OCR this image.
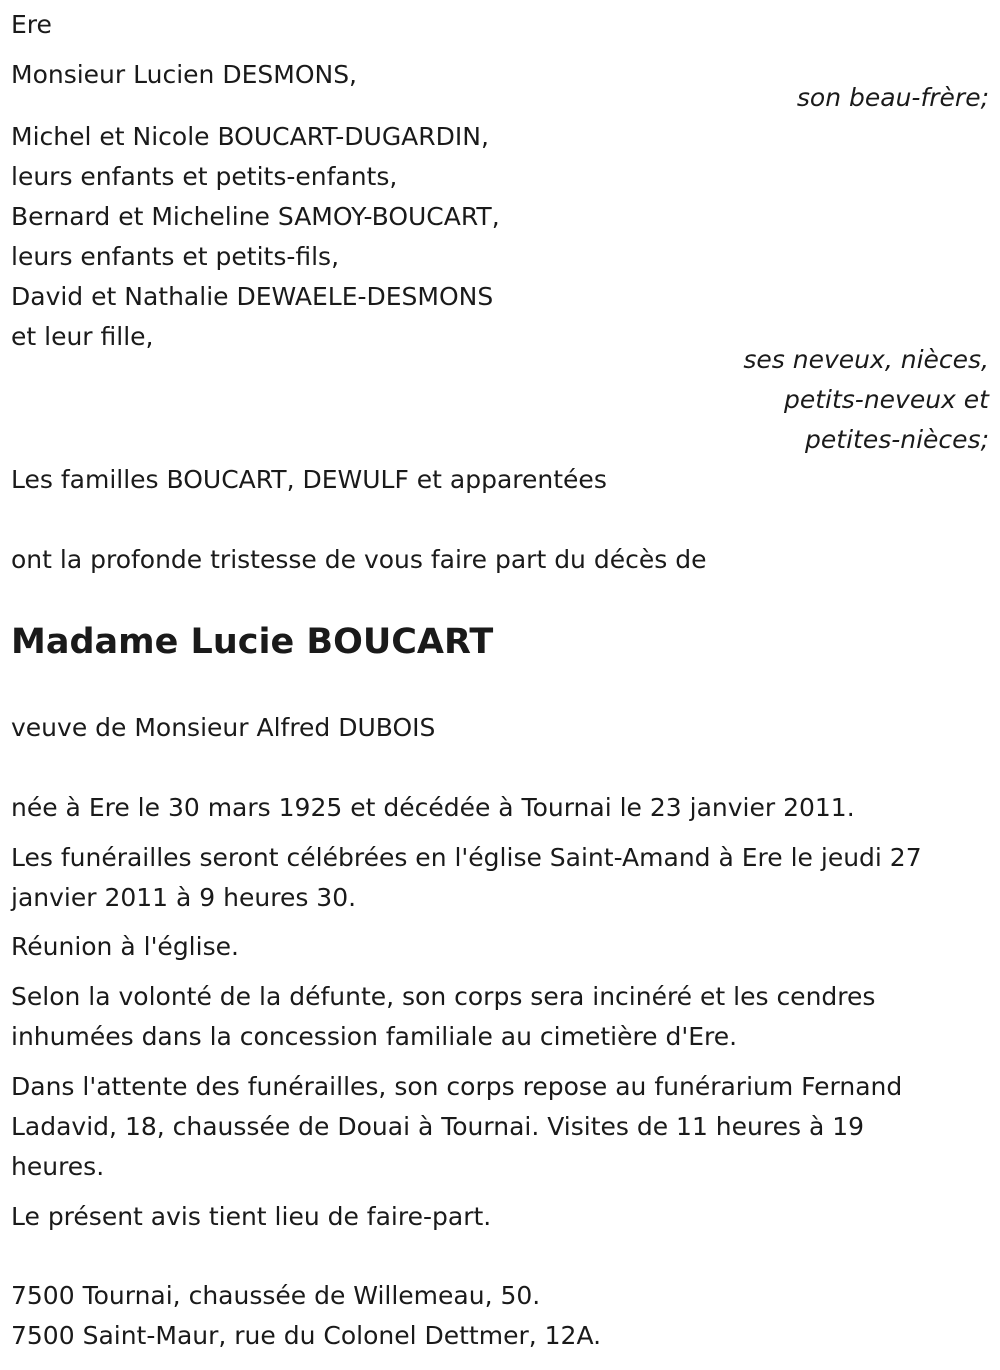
Ere
Monsieur Lucien DESMONS,
son beau-frère;
Michel et Nicole BOUCART-DUGARDIN,
leurs enfants et petits-enfants,
Bernard et Micheline SAMOY-BOUCART,
leurs enfants et petits-fils,
David et Nathalie DEWAELE-DESMONS
et leur fille,
ses neveux, nièces,
petits-neveux et
petites-nièces;
Les familles BOUCART, DEWULF et apparentées
ont la profonde tristesse de vous faire part du décès de
Madame Lucie BOUCART
veuve de Monsieur Alfred DUBOIS
née à Ere le 30 mars 1925 et décédée à Tournai le 23 janvier 2011.
Les funérailles seront célébrées en l'église Saint-Amand à Ere le jeudi 27
janvier 2011 à 9 heures 30.
Réunion à l'église.
Selon la volonté de la défunte, son corps sera incinéré et les cendres
inhumées dans la concession familiale au cimetière d'Ere.
Dans l'attente des funérailles, son corps repose au funérarium Fernand
Ladavid, 18, chaussée de Douai à Tournai. Visites de 11 heures à 19
heures.
Le présent avis tient lieu de faire-part.
7500 Tournai, chaussée de Willemeau, 50.
7500 Saint-Maur, rue du Colonel Dettmer, 12A.
